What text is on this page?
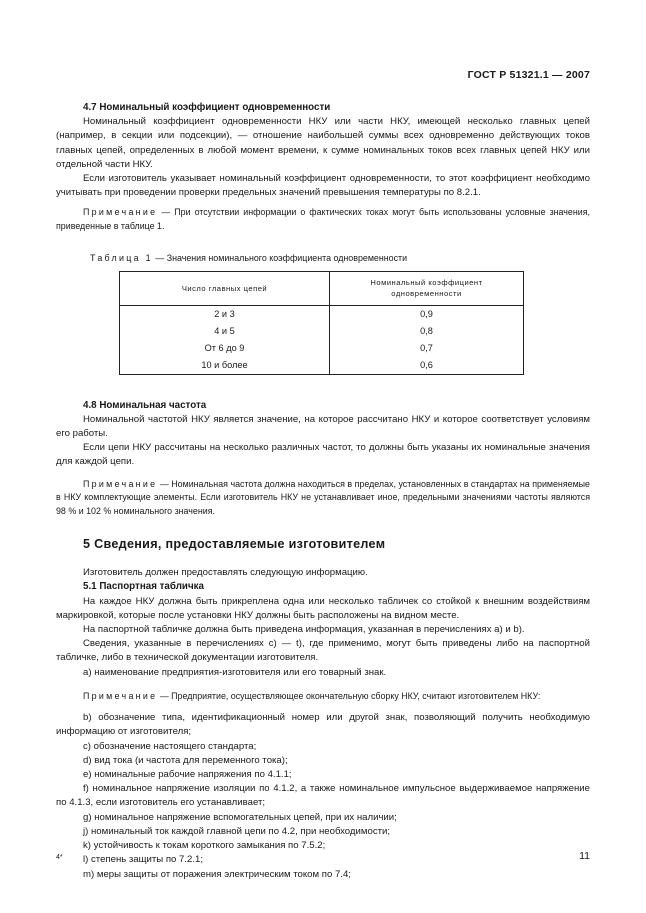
ГОСТ Р 51321.1 — 2007

4.7 Номинальный коэффициент одновременности

Номинальный коэффициент одновременности НКУ или части НКУ, имеющей несколько главных цепей (например, в секции или подсекции), — отношение наибольшей суммы всех одновременно действующих токов главных цепей, определенных в любой момент времени, к сумме номинальных токов всех главных цепей НКУ или отдельной части НКУ.

Если изготовитель указывает номинальный коэффициент одновременности, то этот коэффициент необходимо учитывать при проведении проверки предельных значений превышения температуры по 8.2.1.

Примечание — При отсутствии информации о фактических токах могут быть использованы условные значения, приведенные в таблице 1.

Таблица 1 — Значения номинального коэффициента одновременности

Число главных цепей	Номинальный коэффициент одновременности
2 и 3	0,9
4 и 5	0,8
От 6 до 9	0,7
10 и более	0,6

4.8 Номинальная частота

Номинальной частотой НКУ является значение, на которое рассчитано НКУ и которое соответствует условиям его работы.

Если цепи НКУ рассчитаны на несколько различных частот, то должны быть указаны их номинальные значения для каждой цепи.

Примечание — Номинальная частота должна находиться в пределах, установленных в стандартах на применяемые в НКУ комплектующие элементы. Если изготовитель НКУ не устанавливает иное, предельными значениями частоты являются 98 % и 102 % номинального значения.

5 Сведения, предоставляемые изготовителем

Изготовитель должен предоставлять следующую информацию.

5.1 Паспортная табличка

На каждое НКУ должна быть прикреплена одна или несколько табличек со стойкой к внешним воздействиям маркировкой, которые после установки НКУ должны быть расположены на видном месте.

На паспортной табличке должна быть приведена информация, указанная в перечислениях a) и b).

Сведения, указанные в перечислениях c) — t), где применимо, могут быть приведены либо на паспортной табличке, либо в технической документации изготовителя.

a) наименование предприятия-изготовителя или его товарный знак.

Примечание — Предприятие, осуществляющее окончательную сборку НКУ, считают изготовителем НКУ:

b) обозначение типа, идентификационный номер или другой знак, позволяющий получить необходимую информацию от изготовителя;

c) обозначение настоящего стандарта;

d) вид тока (и частота для переменного тока);

e) номинальные рабочие напряжения по 4.1.1;

f) номинальное напряжение изоляции по 4.1.2, а также номинальное импульсное выдерживаемое напряжение по 4.1.3, если изготовитель его устанавливает;

g) номинальное напряжение вспомогательных цепей, при их наличии;

j) номинальный ток каждой главной цепи по 4.2, при необходимости;

k) устойчивость к токам короткого замыкания по 7.5.2;

l) степень защиты по 7.2.1;

m) меры защиты от поражения электрическим током по 7.4;

4*	11
